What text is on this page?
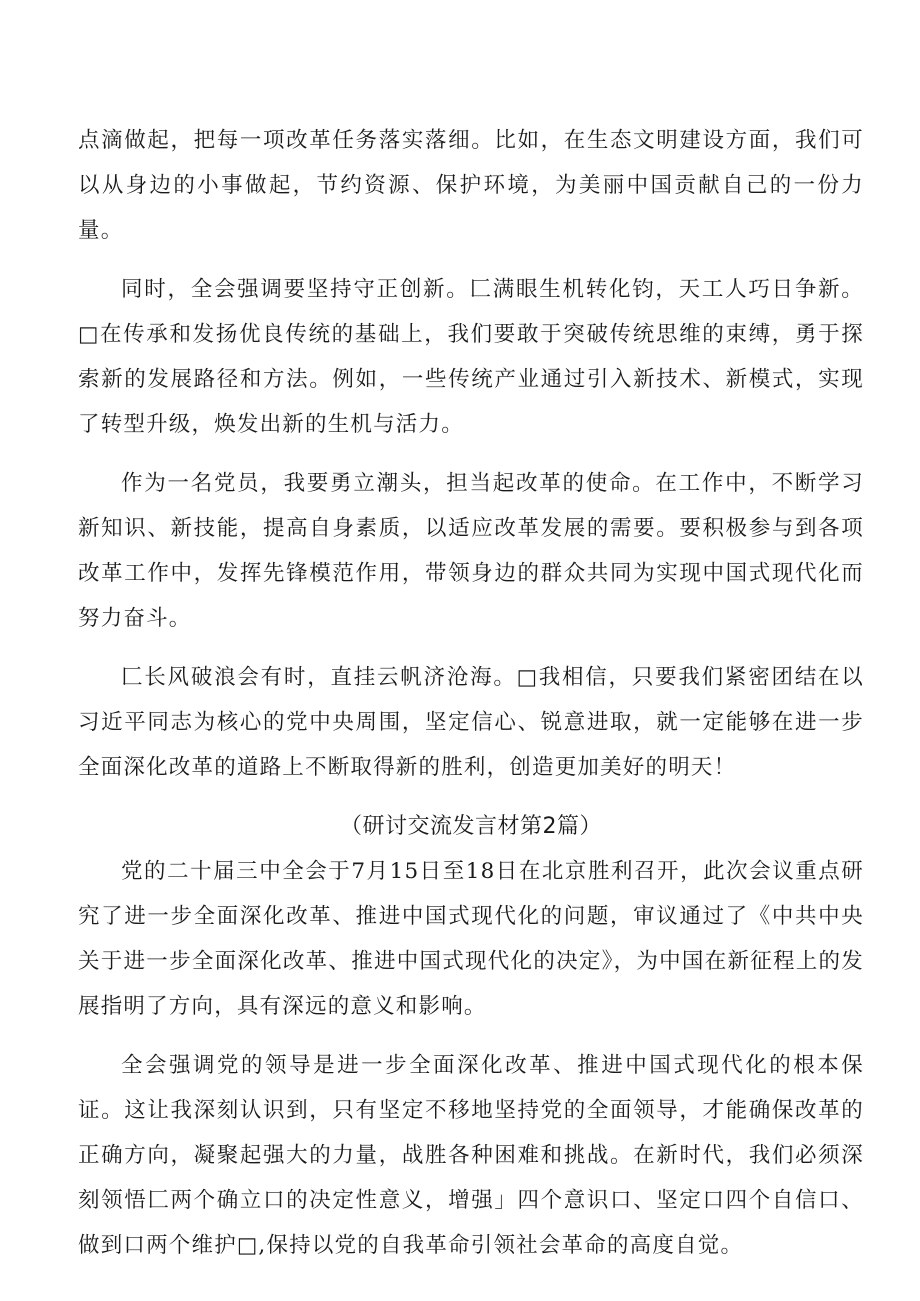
点滴做起，把每一项改革任务落实落细。比如，在生态文明建设方面，我们可以从身边的小事做起，节约资源、保护环境，为美丽中国贡献自己的一份力量。

同时，全会强调要坚持守正创新。匚满眼生机转化钧，天工人巧日争新。□在传承和发扬优良传统的基础上，我们要敢于突破传统思维的束缚，勇于探索新的发展路径和方法。例如，一些传统产业通过引入新技术、新模式，实现了转型升级，焕发出新的生机与活力。

作为一名党员，我要勇立潮头，担当起改革的使命。在工作中，不断学习新知识、新技能，提高自身素质，以适应改革发展的需要。要积极参与到各项改革工作中，发挥先锋模范作用，带领身边的群众共同为实现中国式现代化而努力奋斗。

匚长风破浪会有时，直挂云帆济沧海。□我相信，只要我们紧密团结在以习近平同志为核心的党中央周围，坚定信心、锐意进取，就一定能够在进一步全面深化改革的道路上不断取得新的胜利，创造更加美好的明天！

（研讨交流发言材第2篇）

党的二十届三中全会于7月15日至18日在北京胜利召开，此次会议重点研究了进一步全面深化改革、推进中国式现代化的问题，审议通过了《中共中央关于进一步全面深化改革、推进中国式现代化的决定》，为中国在新征程上的发展指明了方向，具有深远的意义和影响。

全会强调党的领导是进一步全面深化改革、推进中国式现代化的根本保证。这让我深刻认识到，只有坚定不移地坚持党的全面领导，才能确保改革的正确方向，凝聚起强大的力量，战胜各种困难和挑战。在新时代，我们必须深刻领悟匚两个确立口的决定性意义，增强」四个意识口、坚定口四个自信口、做到口两个维护□,保持以党的自我革命引领社会革命的高度自觉。
